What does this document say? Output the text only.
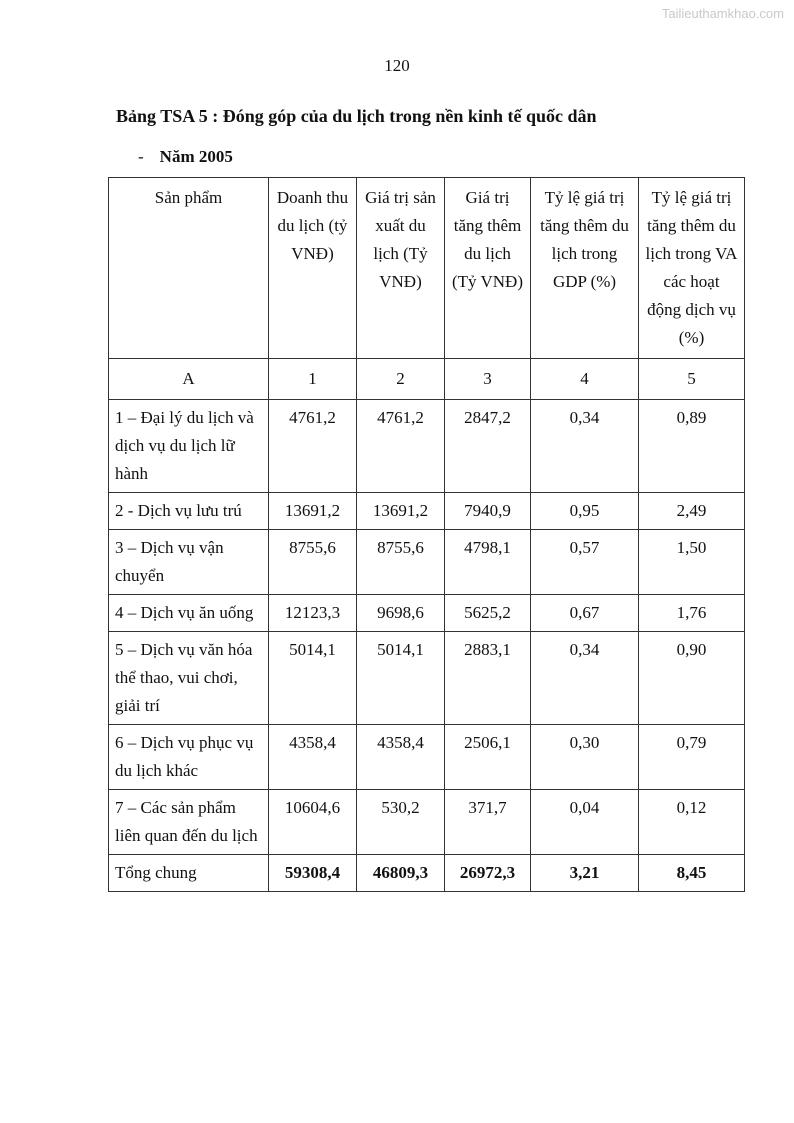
Tailieuthamkhao.com
120
Bảng TSA 5 : Đóng góp của du lịch trong nền kinh tế quốc dân
- Năm 2005
Sản phẩm	Doanh thu du lịch (tỷ VNĐ)	Giá trị sản xuất du lịch (Tỷ VNĐ)	Giá trị tăng thêm du lịch (Tỷ VNĐ)	Tỷ lệ giá trị tăng thêm du lịch trong GDP (%)	Tỷ lệ giá trị tăng thêm du lịch trong VA các hoạt động dịch vụ (%)
A	1	2	3	4	5
1 – Đại lý du lịch và dịch vụ du lịch lữ hành	4761,2	4761,2	2847,2	0,34	0,89
2 - Dịch vụ lưu trú	13691,2	13691,2	7940,9	0,95	2,49
3 – Dịch vụ vận chuyển	8755,6	8755,6	4798,1	0,57	1,50
4 – Dịch vụ ăn uống	12123,3	9698,6	5625,2	0,67	1,76
5 – Dịch vụ văn hóa thể thao, vui chơi, giải trí	5014,1	5014,1	2883,1	0,34	0,90
6 – Dịch vụ phục vụ du lịch khác	4358,4	4358,4	2506,1	0,30	0,79
7 – Các sản phẩm liên quan đến du lịch	10604,6	530,2	371,7	0,04	0,12
Tổng chung	59308,4	46809,3	26972,3	3,21	8,45
